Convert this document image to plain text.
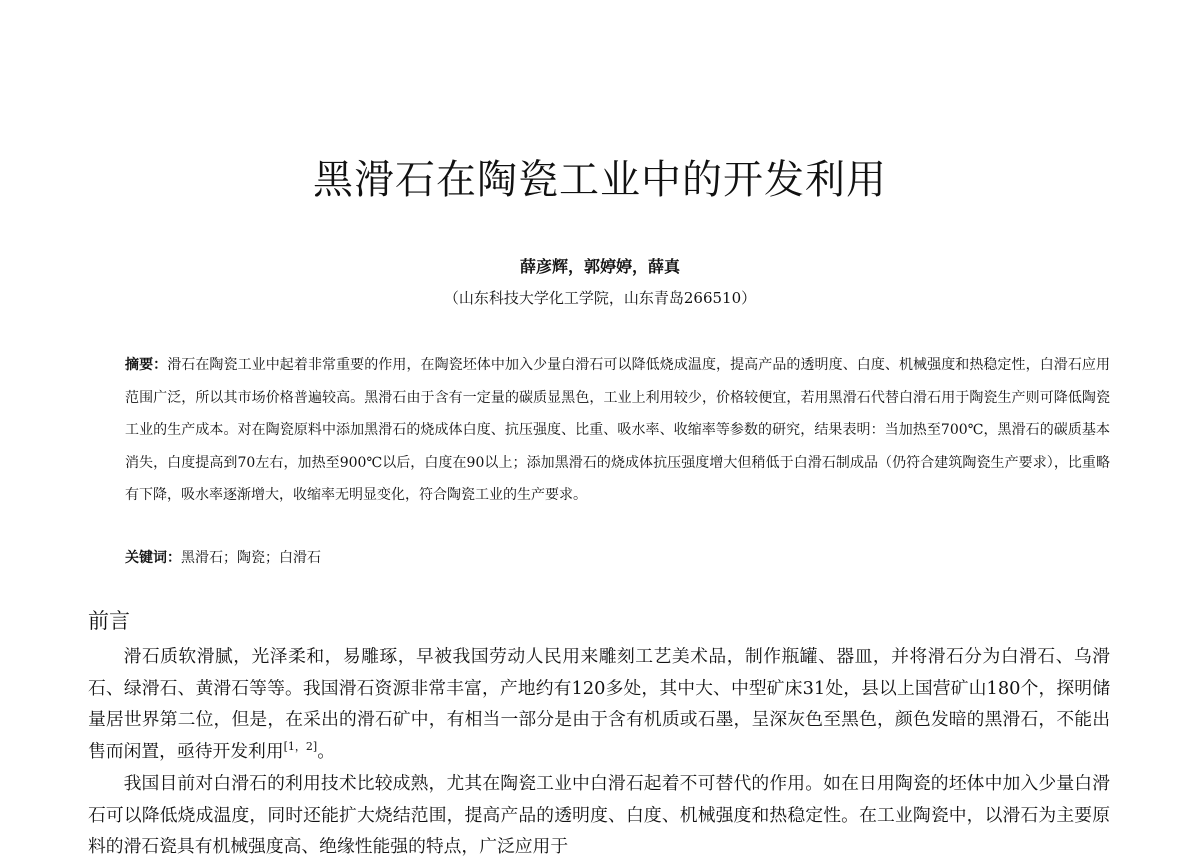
黑滑石在陶瓷工业中的开发利用
薛彦辉，郭婷婷，薛真
（山东科技大学化工学院，山东青岛266510）

摘要：滑石在陶瓷工业中起着非常重要的作用，在陶瓷坯体中加入少量白滑石可以降低烧成温度，提高产品的透明度、白度、机械强度和热稳定性，白滑石应用范围广泛，所以其市场价格普遍较高。黑滑石由于含有一定量的碳质显黑色，工业上利用较少，价格较便宜，若用黑滑石代替白滑石用于陶瓷生产则可降低陶瓷工业的生产成本。对在陶瓷原料中添加黑滑石的烧成体白度、抗压强度、比重、吸水率、收缩率等参数的研究，结果表明：当加热至700℃，黑滑石的碳质基本消失，白度提高到70左右，加热至900℃以后，白度在90以上；添加黑滑石的烧成体抗压强度增大但稍低于白滑石制成品（仍符合建筑陶瓷生产要求），比重略有下降，吸水率逐渐增大，收缩率无明显变化，符合陶瓷工业的生产要求。

关键词：黑滑石；陶瓷；白滑石

前言

滑石质软滑腻，光泽柔和，易雕琢，早被我国劳动人民用来雕刻工艺美术品，制作瓶罐、器皿，并将滑石分为白滑石、乌滑石、绿滑石、黄滑石等等。我国滑石资源非常丰富，产地约有120多处，其中大、中型矿床31处，县以上国营矿山180个，探明储量居世界第二位，但是，在采出的滑石矿中，有相当一部分是由于含有机质或石墨，呈深灰色至黑色，颜色发暗的黑滑石，不能出售而闲置，亟待开发利用[1，2]。

我国目前对白滑石的利用技术比较成熟，尤其在陶瓷工业中白滑石起着不可替代的作用。如在日用陶瓷的坯体中加入少量白滑石可以降低烧成温度，同时还能扩大烧结范围，提高产品的透明度、白度、机械强度和热稳定性。在工业陶瓷中，以滑石为主要原料的滑石瓷具有机械强度高、绝缘性能强的特点，广泛应用于
